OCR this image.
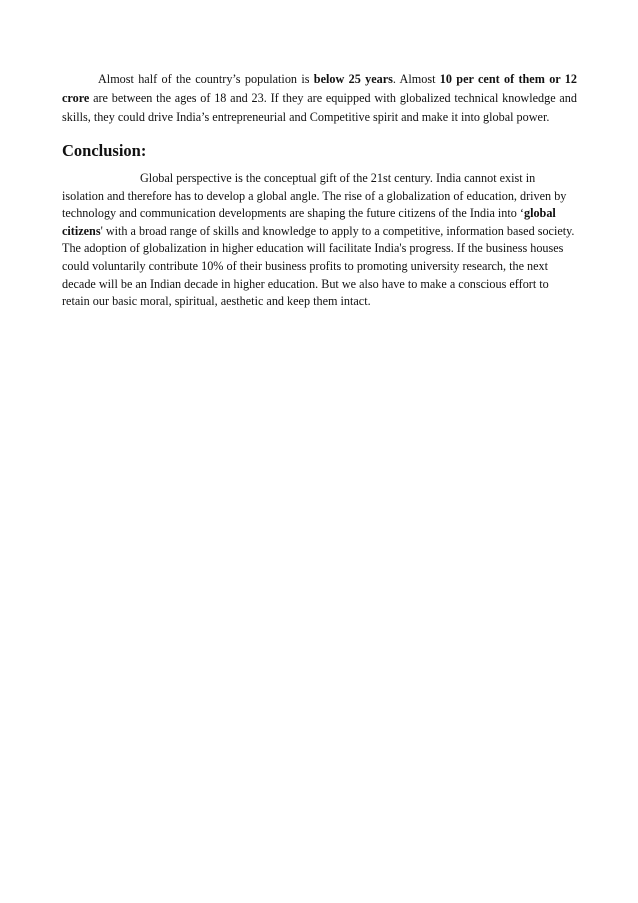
Almost half of the country’s population is below 25 years. Almost 10 per cent of them or 12 crore are between the ages of 18 and 23. If they are equipped with globalized technical knowledge and skills, they could drive India’s entrepreneurial and Competitive spirit and make it into global power.

Conclusion:

Global perspective is the conceptual gift of the 21st century. India cannot exist in isolation and therefore has to develop a global angle. The rise of a globalization of education, driven by technology and communication developments are shaping the future citizens of the India into ‘global citizens' with a broad range of skills and knowledge to apply to a competitive, information based society. The adoption of globalization in higher education will facilitate India's progress. If the business houses could voluntarily contribute 10% of their business profits to promoting university research, the next decade will be an Indian decade in higher education. But we also have to make a conscious effort to retain our basic moral, spiritual, aesthetic and keep them intact.
